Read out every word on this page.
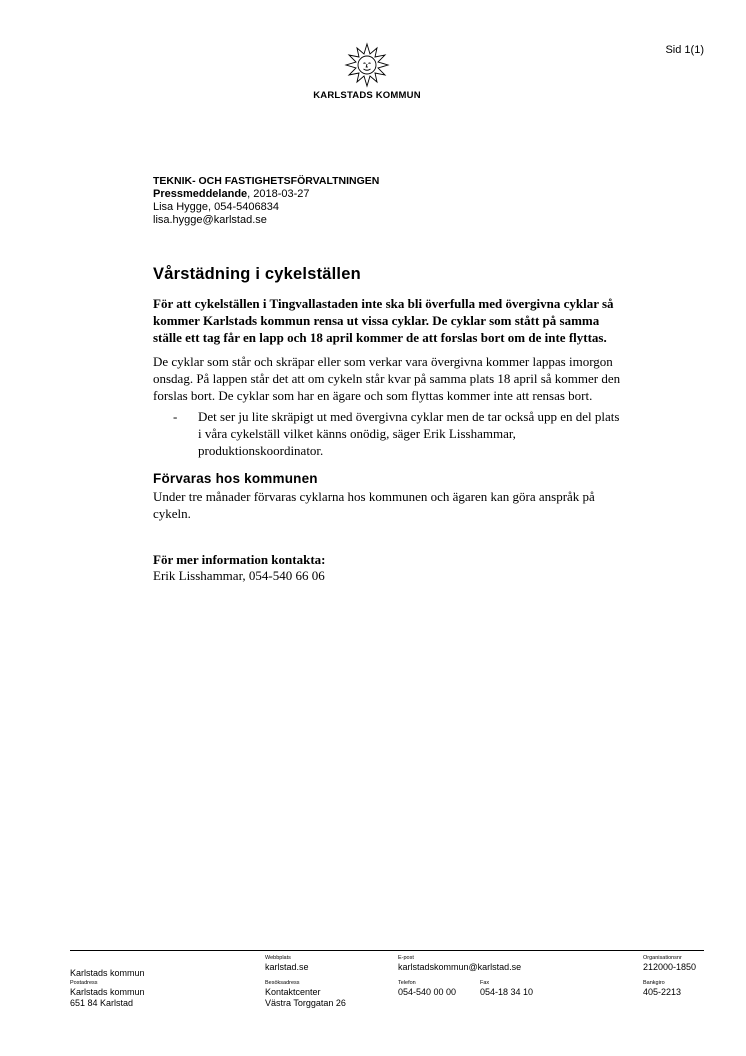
Sid 1(1)
KARLSTADS KOMMUN
TEKNIK- OCH FASTIGHETSFÖRVALTNINGEN
Pressmeddelande, 2018-03-27
Lisa Hygge, 054-5406834
lisa.hygge@karlstad.se
Vårstädning i cykelställen

För att cykelställen i Tingvallastaden inte ska bli överfulla med övergivna cyklar så kommer Karlstads kommun rensa ut vissa cyklar. De cyklar som stått på samma ställe ett tag får en lapp och 18 april kommer de att forslas bort om de inte flyttas.

De cyklar som står och skräpar eller som verkar vara övergivna kommer lappas imorgon onsdag. På lappen står det att om cykeln står kvar på samma plats 18 april så kommer den forslas bort. De cyklar som har en ägare och som flyttas kommer inte att rensas bort.

- Det ser ju lite skräpigt ut med övergivna cyklar men de tar också upp en del plats i våra cykelställ vilket känns onödig, säger Erik Lisshammar, produktionskoordinator.

Förvaras hos kommunen

Under tre månader förvaras cyklarna hos kommunen och ägaren kan göra anspråk på cykeln.

För mer information kontakta:
Erik Lisshammar, 054-540 66 06

Karlstads kommun
Webbplats
karlstad.se
E-post
karlstadskommun@karlstad.se
Organisationsnr
212000-1850
Postadress
Karlstads kommun
651 84 Karlstad
Besöksadress
Kontaktcenter
Västra Torggatan 26
Telefon
054-540 00 00
Fax
054-18 34 10
Bankgiro
405-2213
